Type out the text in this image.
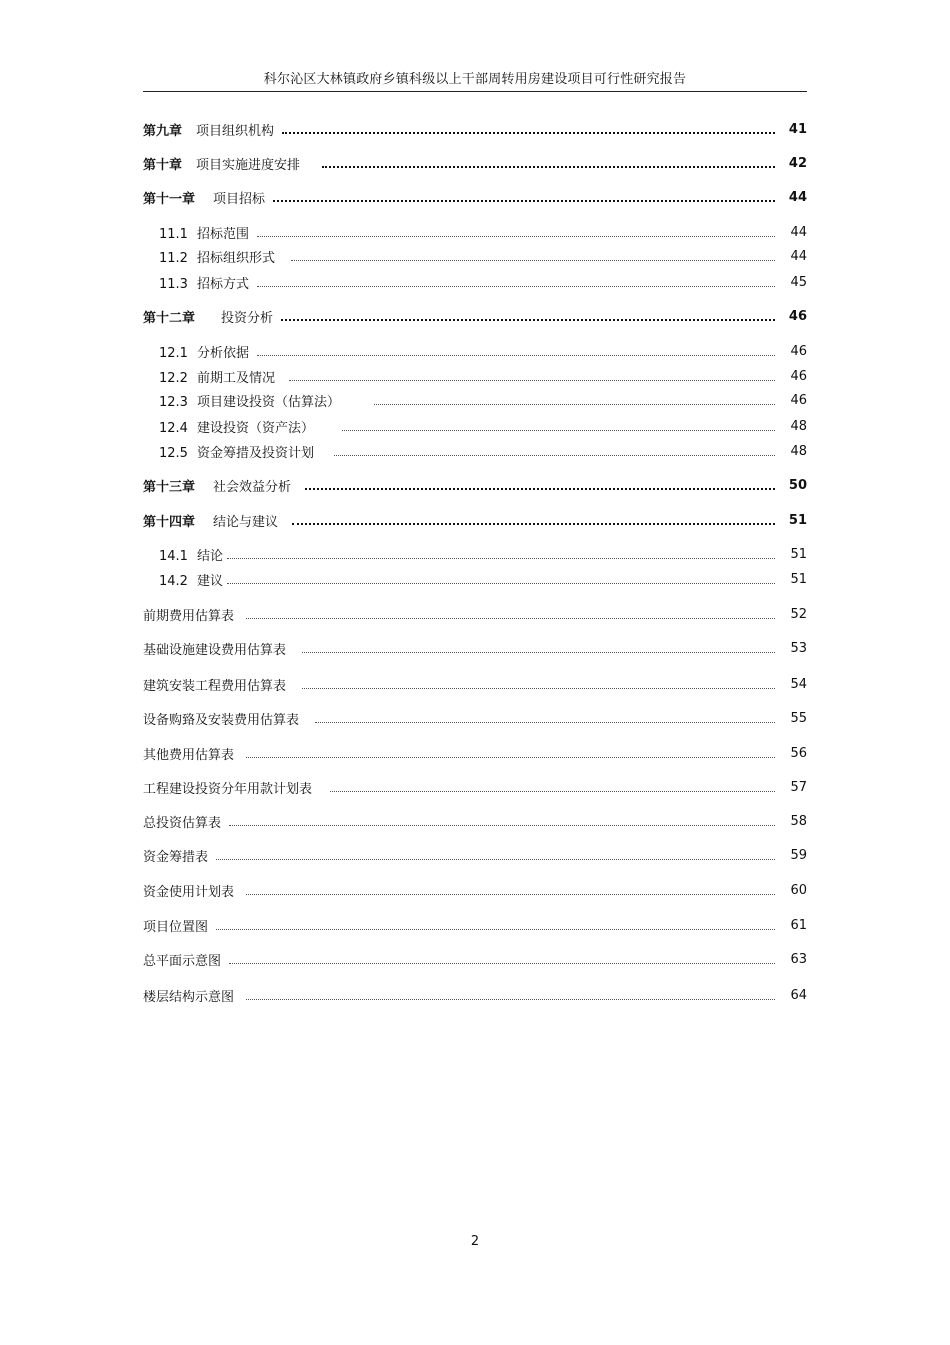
科尔沁区大林镇政府乡镇科级以上干部周转用房建设项目可行性研究报告
第九章 项目组织机构	41
第十章 项目实施进度安排	42
第十一章 项目招标	44
11.1 招标范围	44
11.2 招标组织形式	44
11.3 招标方式	45
第十二章 投资分析	46
12.1 分析依据	46
12.2 前期工及情况	46
12.3 项目建设投资（估算法）	46
12.4 建设投资（资产法）	48
12.5 资金筹措及投资计划	48
第十三章 社会效益分析	50
第十四章 结论与建议	51
14.1 结论	51
14.2 建议	51
前期费用估算表	52
基础设施建设费用估算表	53
建筑安装工程费用估算表	54
设备购臵及安装费用估算表	55
其他费用估算表	56
工程建设投资分年用款计划表	57
总投资估算表	58
资金筹措表	59
资金使用计划表	60
项目位置图	61
总平面示意图	63
楼层结构示意图	64
2
